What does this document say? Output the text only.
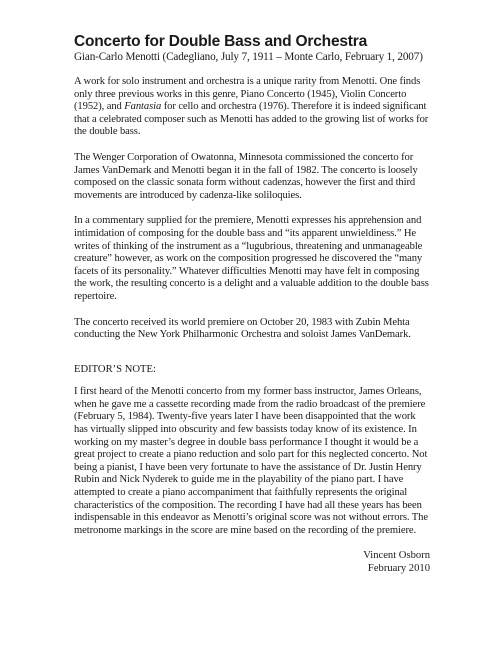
Concerto for Double Bass and Orchestra
Gian-Carlo Menotti (Cadegliano, July 7, 1911 – Monte Carlo, February 1, 2007)

A work for solo instrument and orchestra is a unique rarity from Menotti. One finds only three previous works in this genre, Piano Concerto (1945), Violin Concerto (1952), and Fantasia for cello and orchestra (1976). Therefore it is indeed significant that a celebrated composer such as Menotti has added to the growing list of works for the double bass.

The Wenger Corporation of Owatonna, Minnesota commissioned the concerto for James VanDemark and Menotti began it in the fall of 1982. The concerto is loosely composed on the classic sonata form without cadenzas, however the first and third movements are introduced by cadenza-like soliloquies.

In a commentary supplied for the premiere, Menotti expresses his apprehension and intimidation of composing for the double bass and “its apparent unwieldiness.” He writes of thinking of the instrument as a “lugubrious, threatening and unmanageable creature” however, as work on the composition progressed he discovered the “many facets of its personality.” Whatever difficulties Menotti may have felt in composing the work, the resulting concerto is a delight and a valuable addition to the double bass repertoire.

The concerto received its world premiere on October 20, 1983 with Zubin Mehta conducting the New York Philharmonic Orchestra and soloist James VanDemark.

EDITOR’S NOTE:

I first heard of the Menotti concerto from my former bass instructor, James Orleans, when he gave me a cassette recording made from the radio broadcast of the premiere (February 5, 1984). Twenty-five years later I have been disappointed that the work has virtually slipped into obscurity and few bassists today know of its existence. In working on my master’s degree in double bass performance I thought it would be a great project to create a piano reduction and solo part for this neglected concerto. Not being a pianist, I have been very fortunate to have the assistance of Dr. Justin Henry Rubin and Nick Nyderek to guide me in the playability of the piano part. I have attempted to create a piano accompaniment that faithfully represents the original characteristics of the composition. The recording I have had all these years has been indispensable in this endeavor as Menotti’s original score was not without errors. The metronome markings in the score are mine based on the recording of the premiere.

Vincent Osborn
February 2010
